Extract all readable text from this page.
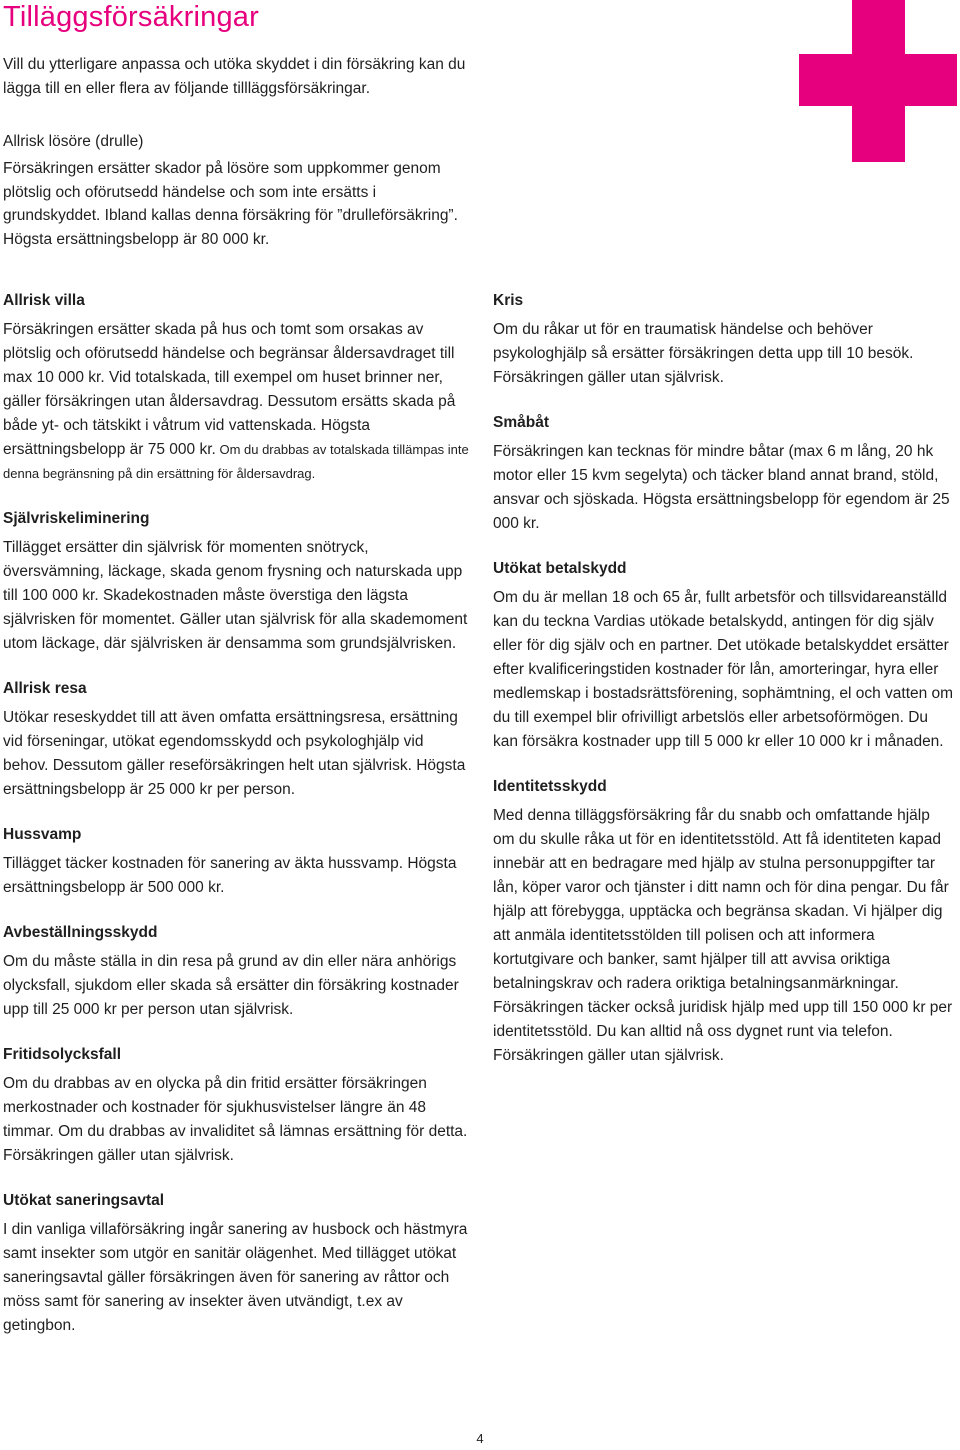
Tilläggsförsäkringar

Vill du ytterligare anpassa och utöka skyddet i din försäkring kan du lägga till en eller flera av följande tillläggsförsäkringar.

Allrisk lösöre (drulle)

Försäkringen ersätter skador på lösöre som uppkommer genom plötslig och oförutsedd händelse och som inte ersätts i grundskyddet. Ibland kallas denna försäkring för ”drulleförsäkring”. Högsta ersättningsbelopp är 80 000 kr.

Allrisk villa

Försäkringen ersätter skada på hus och tomt som orsakas av plötslig och oförutsedd händelse och begränsar åldersavdraget till max 10 000 kr. Vid totalskada, till exempel om huset brinner ner, gäller försäkringen utan åldersavdrag. Dessutom ersätts skada på både yt- och tätskikt i våtrum vid vattenskada. Högsta ersättningsbelopp är 75 000 kr. Om du drabbas av totalskada tillämpas inte denna begränsning på din ersättning för åldersavdrag.

Självriskeliminering

Tillägget ersätter din självrisk för momenten snötryck, översvämning, läckage, skada genom frysning och naturskada upp till 100 000 kr. Skadekostnaden måste överstiga den lägsta självrisken för momentet. Gäller utan självrisk för alla skademoment utom läckage, där självrisken är densamma som grundsjälvrisken.

Allrisk resa

Utökar reseskyddet till att även omfatta ersättningsresa, ersättning vid förseningar, utökat egendomsskydd och psykologhjälp vid behov. Dessutom gäller reseförsäkringen helt utan självrisk. Högsta ersättningsbelopp är 25 000 kr per person.

Hussvamp

Tillägget täcker kostnaden för sanering av äkta hussvamp. Högsta ersättningsbelopp är 500 000 kr.

Avbeställningsskydd

Om du måste ställa in din resa på grund av din eller nära anhörigs olycksfall, sjukdom eller skada så ersätter din försäkring kostnader upp till 25 000 kr per person utan självrisk.

Fritidsolycksfall

Om du drabbas av en olycka på din fritid ersätter försäkringen merkostnader och kostnader för sjukhusvistelser längre än 48 timmar. Om du drabbas av invaliditet så lämnas ersättning för detta. Försäkringen gäller utan självrisk.

Utökat saneringsavtal

I din vanliga villaförsäkring ingår sanering av husbock och hästmyra samt insekter som utgör en sanitär olägenhet. Med tillägget utökat saneringsavtal gäller försäkringen även för sanering av råttor och möss samt för sanering av insekter även utvändigt, t.ex av getingbon.

Kris

Om du råkar ut för en traumatisk händelse och behöver psykologhjälp så ersätter försäkringen detta upp till 10 besök. Försäkringen gäller utan självrisk.

Småbåt

Försäkringen kan tecknas för mindre båtar (max 6 m lång, 20 hk motor eller 15 kvm segelyta) och täcker bland annat brand, stöld, ansvar och sjöskada. Högsta ersättningsbelopp för egendom är 25 000 kr.

Utökat betalskydd

Om du är mellan 18 och 65 år, fullt arbetsför och tillsvidareanställd kan du teckna Vardias utökade betalskydd, antingen för dig själv eller för dig själv och en partner. Det utökade betalskyddet ersätter efter kvalificeringstiden kostnader för lån, amorteringar, hyra eller medlemskap i bostadsrättsförening, sophämtning, el och vatten om du till exempel blir ofrivilligt arbetslös eller arbetsoförmögen. Du kan försäkra kostnader upp till 5 000 kr eller 10 000 kr i månaden.

Identitetsskydd

Med denna tilläggsförsäkring får du snabb och omfattande hjälp om du skulle råka ut för en identitetsstöld. Att få identiteten kapad innebär att en bedragare med hjälp av stulna personuppgifter tar lån, köper varor och tjänster i ditt namn och för dina pengar. Du får hjälp att förebygga, upptäcka och begränsa skadan. Vi hjälper dig att anmäla identitetsstölden till polisen och att informera kortutgivare och banker, samt hjälper till att avvisa oriktiga betalningskrav och radera oriktiga betalningsanmärkningar. Försäkringen täcker också juridisk hjälp med upp till 150 000 kr per identitetsstöld. Du kan alltid nå oss dygnet runt via telefon. Försäkringen gäller utan självrisk.

4
